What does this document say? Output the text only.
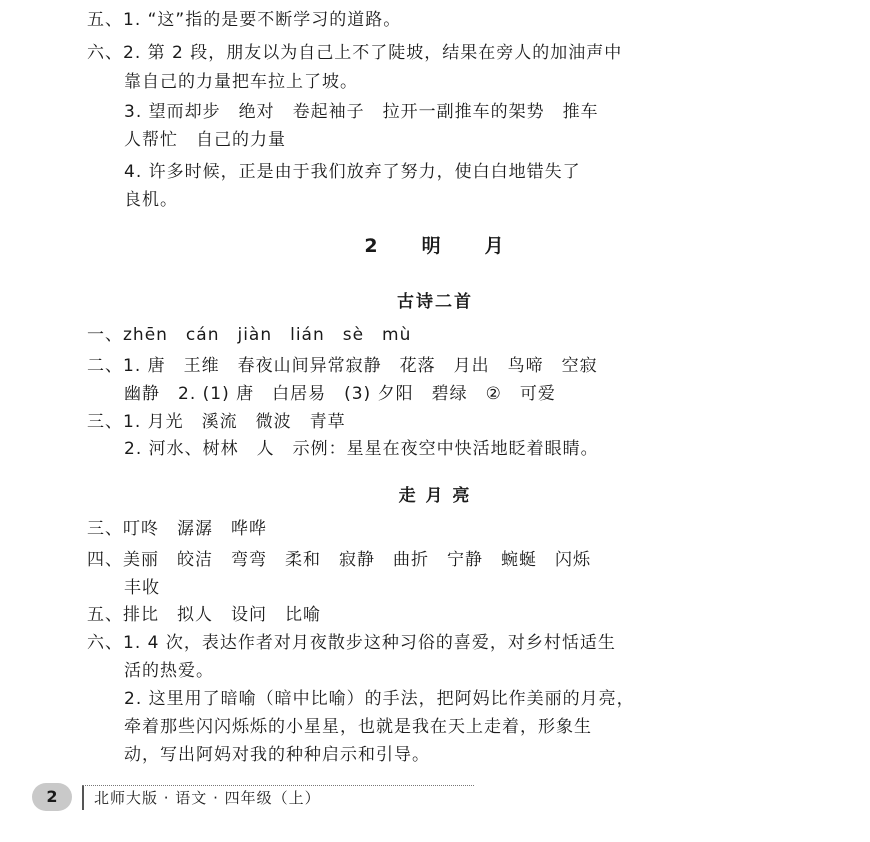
五、1. “这”指的是要不断学习的道路。
六、2. 第 2 段，朋友以为自己上不了陡坡，结果在旁人的加油声中
靠自己的力量把车拉上了坡。
3. 望而却步　绝对　卷起袖子　拉开一副推车的架势　推车
人帮忙　自己的力量
4. 许多时候，正是由于我们放弃了努力，使白白地错失了
良机。
2　　明　　月
古诗二首
一、zhēn　cán　jiàn　lián　sè　mù
二、1. 唐　王维　春夜山间异常寂静　花落　月出　鸟啼　空寂
幽静　2. (1) 唐　白居易　(3) 夕阳　碧绿　②　可爱
三、1. 月光　溪流　微波　青草
2. 河水、树林　人　示例：星星在夜空中快活地眨着眼睛。
走 月 亮
三、叮咚　潺潺　哗哗
四、美丽　皎洁　弯弯　柔和　寂静　曲折　宁静　蜿蜒　闪烁
丰收
五、排比　拟人　设问　比喻
六、1. 4 次，表达作者对月夜散步这种习俗的喜爱，对乡村恬适生
活的热爱。
2. 这里用了暗喻（暗中比喻）的手法，把阿妈比作美丽的月亮，
牵着那些闪闪烁烁的小星星，也就是我在天上走着，形象生
动，写出阿妈对我的种种启示和引导。
2	北师大版 · 语文 · 四年级（上）
